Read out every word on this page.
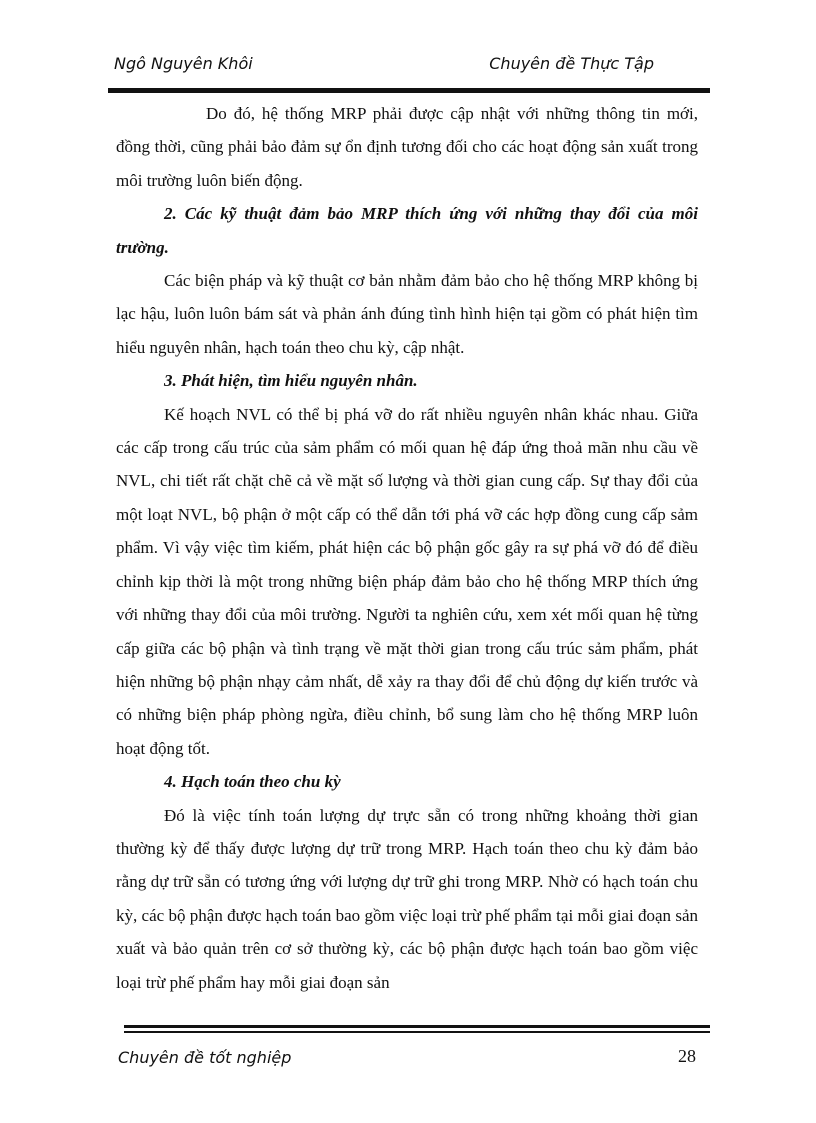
Ngô Nguyên Khôi	Chuyên đề Thực Tập

Do đó, hệ thống MRP phải được cập nhật với những thông tin mới, đồng thời, cũng phải bảo đảm sự ổn định tương đối cho các hoạt động sản xuất trong môi trường luôn biến động.

2. Các kỹ thuật đảm bảo MRP thích ứng với những thay đổi của môi trường.

Các biện pháp và kỹ thuật cơ bản nhằm đảm bảo cho hệ thống MRP không bị lạc hậu, luôn luôn bám sát và phản ánh đúng tình hình hiện tại gồm có phát hiện tìm hiểu nguyên nhân, hạch toán theo chu kỳ, cập nhật.

3. Phát hiện, tìm hiểu nguyên nhân.

Kế hoạch NVL có thể bị phá vỡ do rất nhiều nguyên nhân khác nhau. Giữa các cấp trong cấu trúc của sảm phẩm có mối quan hệ đáp ứng thoả mãn nhu cầu về NVL, chi tiết rất chặt chẽ cả về mặt số lượng và thời gian cung cấp. Sự thay đổi của một loạt NVL, bộ phận ở một cấp có thể dẫn tới phá vỡ các hợp đồng cung cấp sảm phẩm. Vì vậy việc tìm kiếm, phát hiện các bộ phận gốc gây ra sự phá vỡ đó để điều chỉnh kịp thời là một trong những biện pháp đảm bảo cho hệ thống MRP thích ứng với những thay đổi của môi trường. Người ta nghiên cứu, xem xét mối quan hệ từng cấp giữa các bộ phận và tình trạng về mặt thời gian trong cấu trúc sảm phẩm, phát hiện những bộ phận nhạy cảm nhất, dễ xảy ra thay đổi để chủ động dự kiến trước và có những biện pháp phòng ngừa, điều chỉnh, bổ sung làm cho hệ thống MRP luôn hoạt động tốt.

4. Hạch toán theo chu kỳ

Đó là việc tính toán lượng dự trực sẵn có trong những khoảng thời gian thường kỳ để thấy được lượng dự trữ trong MRP. Hạch toán theo chu kỳ đảm bảo rằng dự trữ sẵn có tương ứng với lượng dự trữ ghi trong MRP. Nhờ có hạch toán chu kỳ, các bộ phận được hạch toán bao gồm việc loại trừ phế phẩm tại mỗi giai đoạn sản xuất và bảo quản trên cơ sở thường kỳ, các bộ phận được hạch toán bao gồm việc loại trừ phế phẩm hay mỗi giai đoạn sản

Chuyên đề tốt nghiệp	28
